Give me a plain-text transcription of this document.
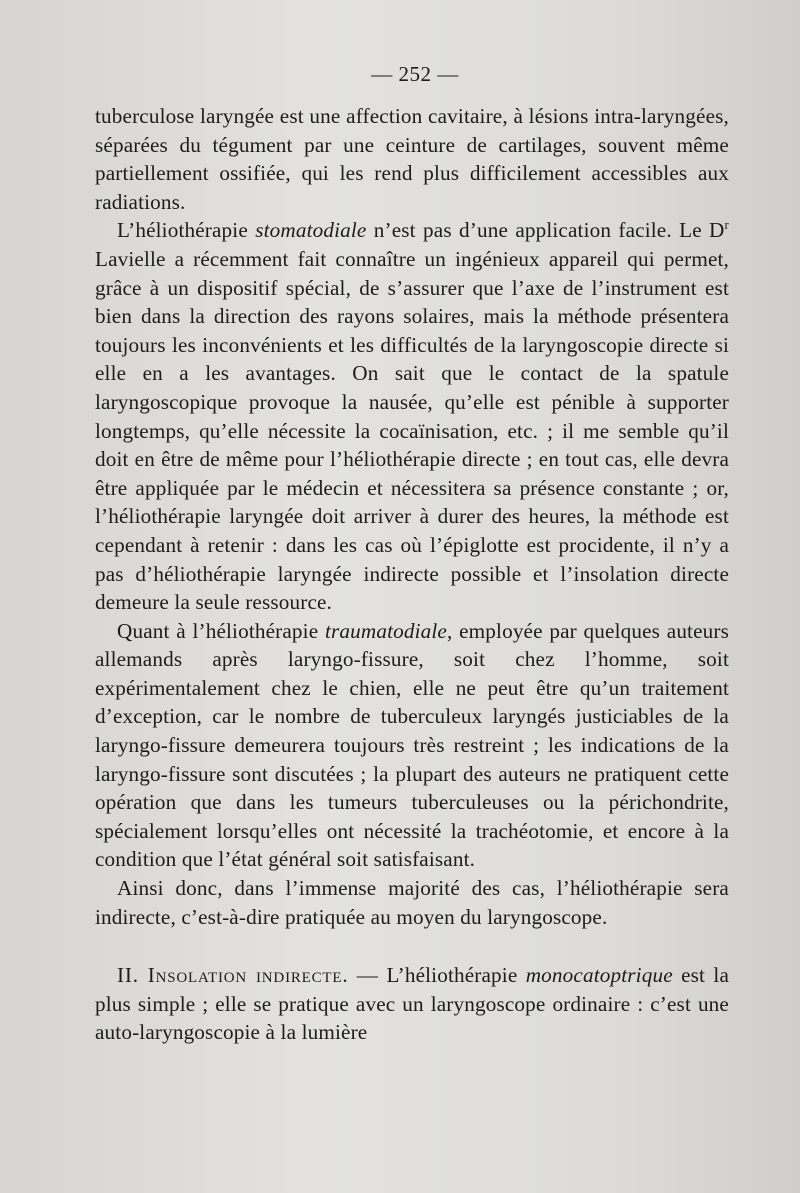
— 252 —

tuberculose laryngée est une affection cavitaire, à lésions intra-laryngées, séparées du tégument par une ceinture de cartilages, souvent même partiellement ossifiée, qui les rend plus difficilement accessibles aux radiations.

L’héliothérapie stomatodiale n’est pas d’une application facile. Le $D^r$ Lavielle a récemment fait connaître un ingénieux appareil qui permet, grâce à un dispositif spécial, de s’assurer que l’axe de l’instrument est bien dans la direction des rayons solaires, mais la méthode présentera toujours les inconvénients et les difficultés de la laryngoscopie directe si elle en a les avantages. On sait que le contact de la spatule laryngoscopique provoque la nausée, qu’elle est pénible à supporter longtemps, qu’elle nécessite la cocaïnisation, etc. ; il me semble qu’il doit en être de même pour l’héliothérapie directe ; en tout cas, elle devra être appliquée par le médecin et nécessitera sa présence constante ; or, l’héliothérapie laryngée doit arriver à durer des heures, la méthode est cependant à retenir : dans les cas où l’épiglotte est procidente, il n’y a pas d’héliothérapie laryngée indirecte possible et l’insolation directe demeure la seule ressource.

Quant à l’héliothérapie traumatodiale, employée par quelques auteurs allemands après laryngo-fissure, soit chez l’homme, soit expérimentalement chez le chien, elle ne peut être qu’un traitement d’exception, car le nombre de tuberculeux laryngés justiciables de la laryngo-fissure demeurera toujours très restreint ; les indications de la laryngo-fissure sont discutées ; la plupart des auteurs ne pratiquent cette opération que dans les tumeurs tuberculeuses ou la périchondrite, spécialement lorsqu’elles ont nécessité la trachéotomie, et encore à la condition que l’état général soit satisfaisant.

Ainsi donc, dans l’immense majorité des cas, l’héliothérapie sera indirecte, c’est-à-dire pratiquée au moyen du laryngoscope.

II. Insolation indirecte. — L’héliothérapie monocatoptrique est la plus simple ; elle se pratique avec un laryngoscope ordinaire : c’est une auto-laryngoscopie à la lumière
